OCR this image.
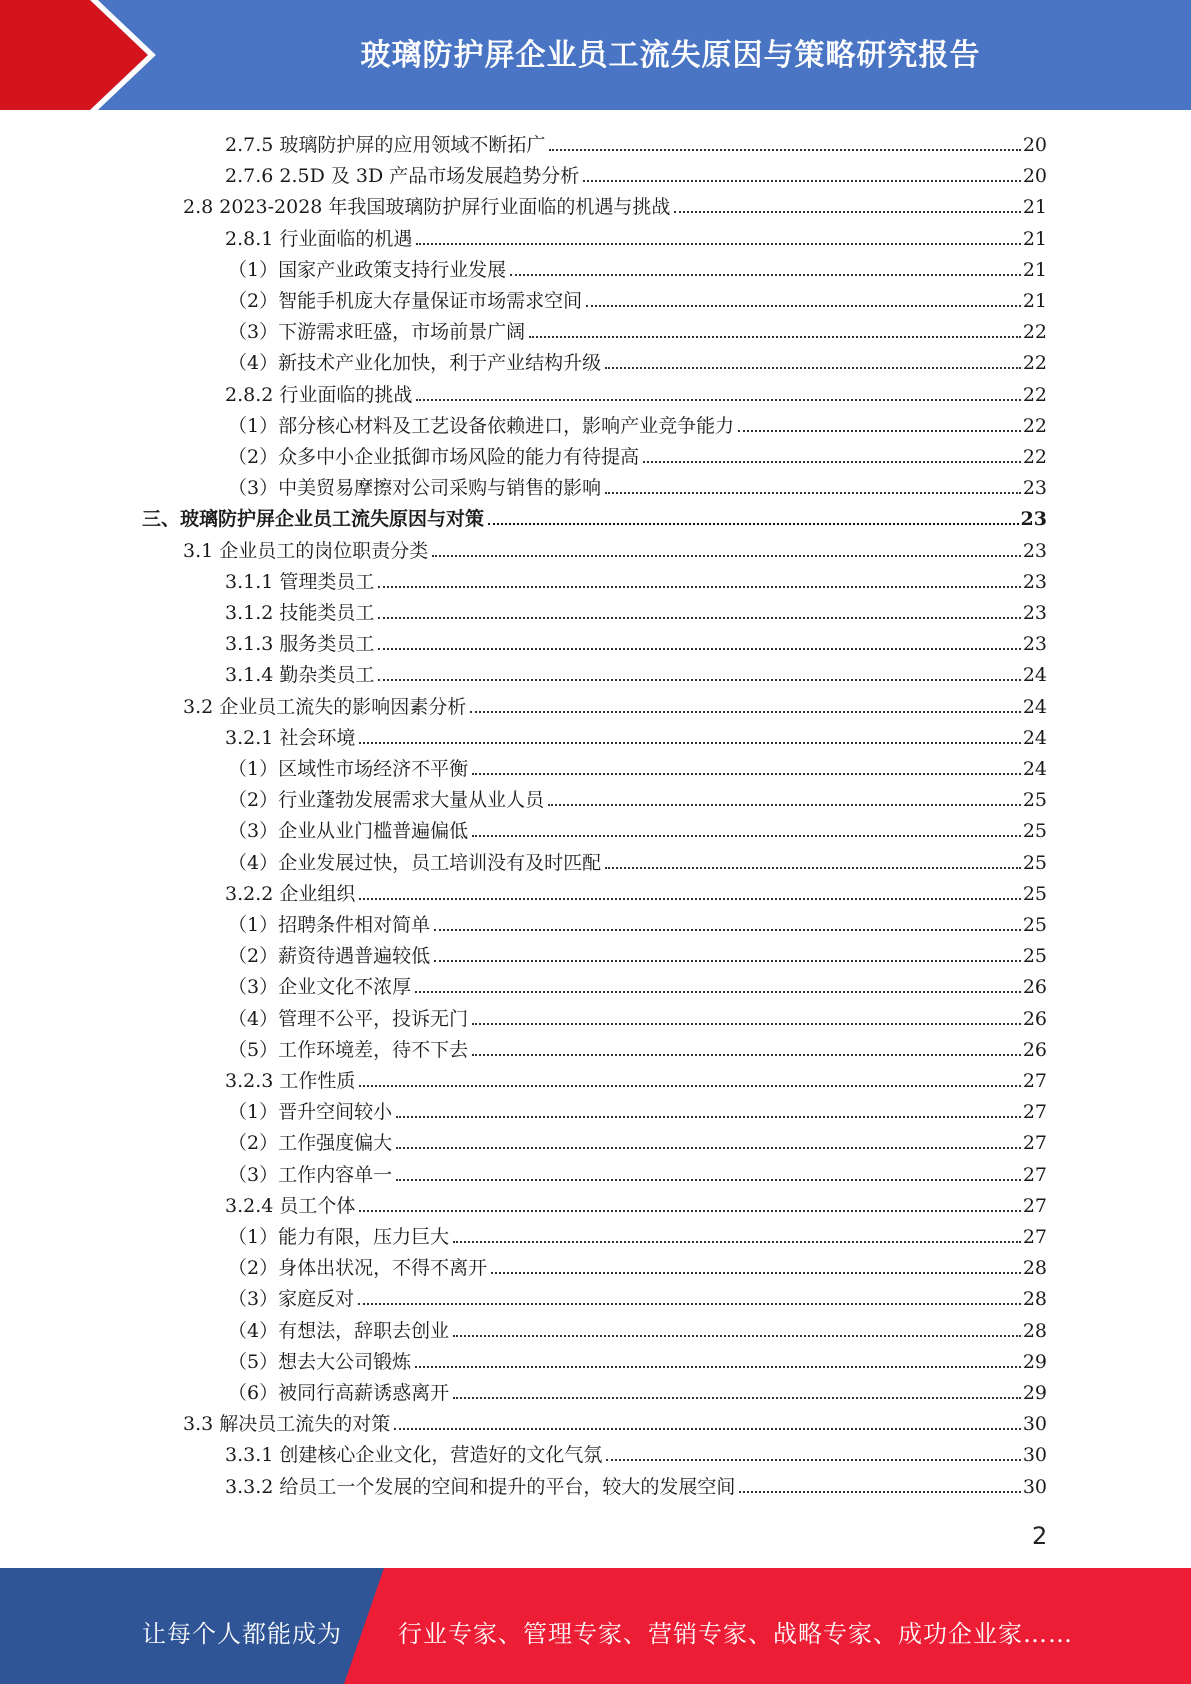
玻璃防护屏企业员工流失原因与策略研究报告
2.7.5 玻璃防护屏的应用领域不断拓广	20
2.7.6 2.5D 及 3D 产品市场发展趋势分析	20
2.8 2023-2028 年我国玻璃防护屏行业面临的机遇与挑战	21
2.8.1 行业面临的机遇	21
（1）国家产业政策支持行业发展	21
（2）智能手机庞大存量保证市场需求空间	21
（3）下游需求旺盛，市场前景广阔	22
（4）新技术产业化加快，利于产业结构升级	22
2.8.2 行业面临的挑战	22
（1）部分核心材料及工艺设备依赖进口，影响产业竞争能力	22
（2）众多中小企业抵御市场风险的能力有待提高	22
（3）中美贸易摩擦对公司采购与销售的影响	23
三、玻璃防护屏企业员工流失原因与对策	23
3.1 企业员工的岗位职责分类	23
3.1.1 管理类员工	23
3.1.2 技能类员工	23
3.1.3 服务类员工	23
3.1.4 勤杂类员工	24
3.2 企业员工流失的影响因素分析	24
3.2.1 社会环境	24
（1）区域性市场经济不平衡	24
（2）行业蓬勃发展需求大量从业人员	25
（3）企业从业门槛普遍偏低	25
（4）企业发展过快，员工培训没有及时匹配	25
3.2.2 企业组织	25
（1）招聘条件相对简单	25
（2）薪资待遇普遍较低	25
（3）企业文化不浓厚	26
（4）管理不公平，投诉无门	26
（5）工作环境差，待不下去	26
3.2.3 工作性质	27
（1）晋升空间较小	27
（2）工作强度偏大	27
（3）工作内容单一	27
3.2.4 员工个体	27
（1）能力有限，压力巨大	27
（2）身体出状况，不得不离开	28
（3）家庭反对	28
（4）有想法，辞职去创业	28
（5）想去大公司锻炼	29
（6）被同行高薪诱惑离开	29
3.3 解决员工流失的对策	30
3.3.1 创建核心企业文化，营造好的文化气氛	30
3.3.2 给员工一个发展的空间和提升的平台，较大的发展空间	30
2
让每个人都能成为 行业专家、管理专家、营销专家、战略专家、成功企业家……
